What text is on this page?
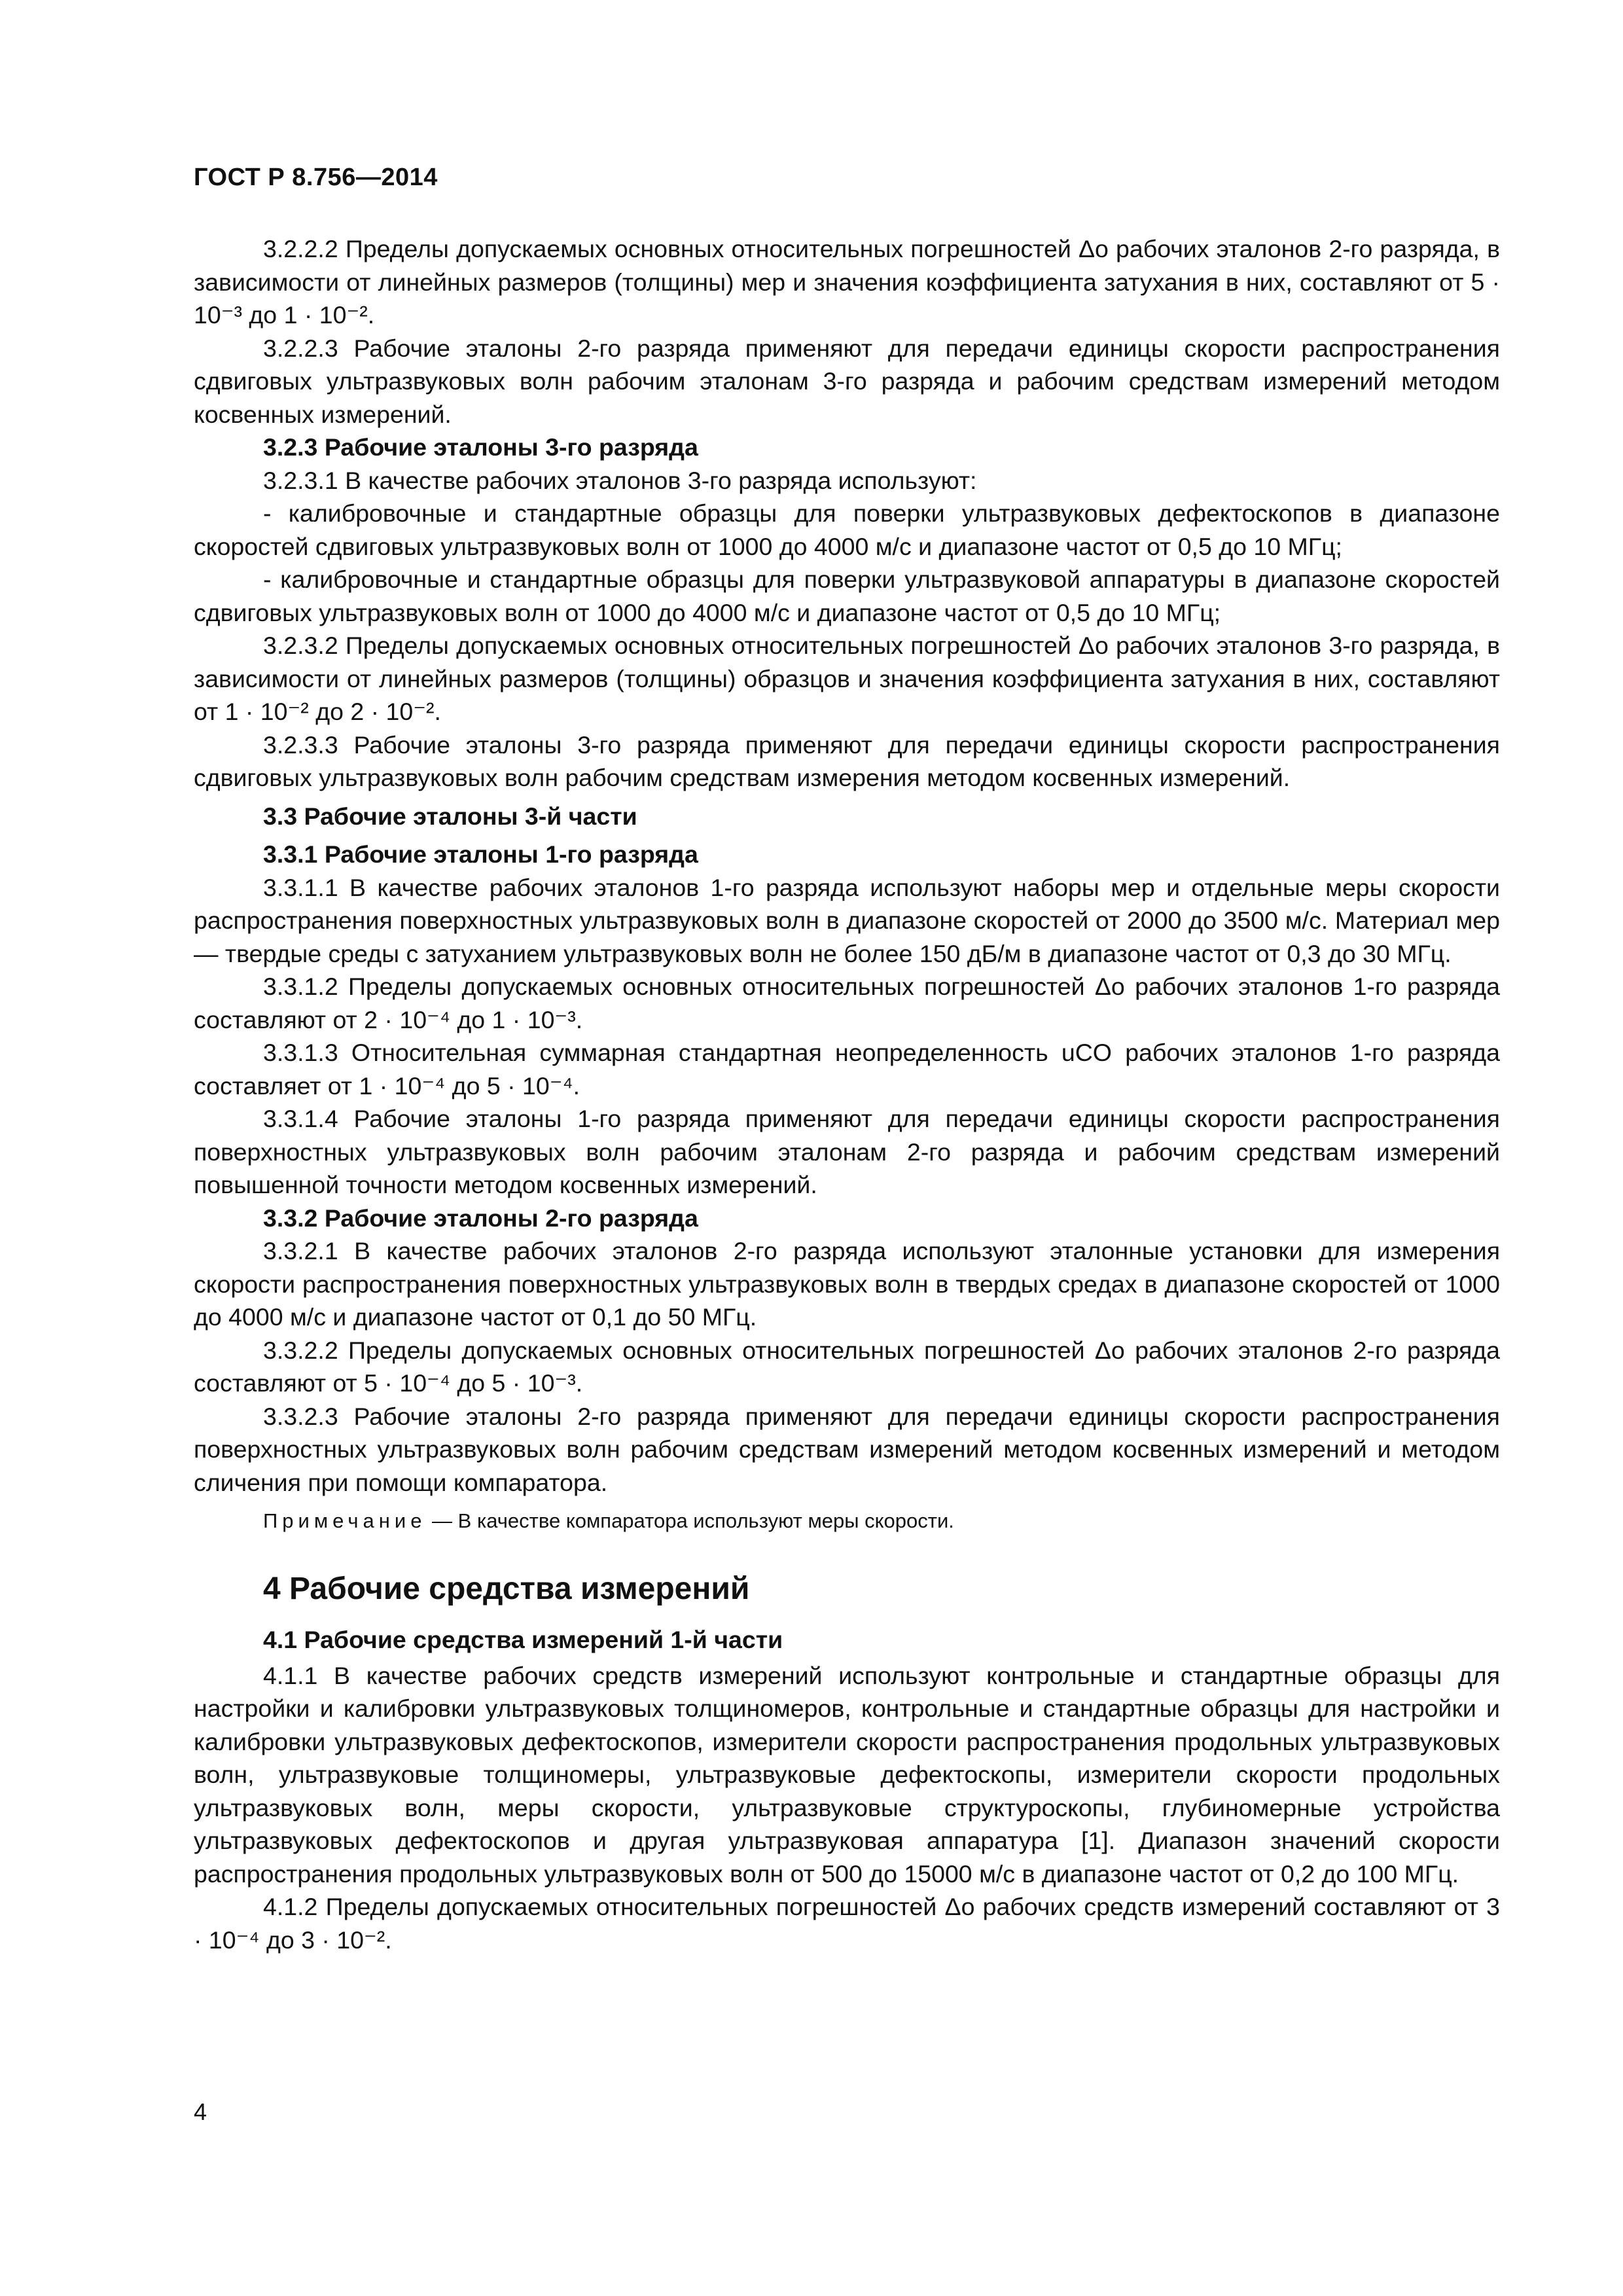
ГОСТ Р 8.756—2014

3.2.2.2 Пределы допускаемых основных относительных погрешностей Δо рабочих эталонов 2-го разряда, в зависимости от линейных размеров (толщины) мер и значения коэффициента затухания в них, составляют от 5 · 10⁻³ до 1 · 10⁻².

3.2.2.3 Рабочие эталоны 2-го разряда применяют для передачи единицы скорости распространения сдвиговых ультразвуковых волн рабочим эталонам 3-го разряда и рабочим средствам измерений методом косвенных измерений.

3.2.3 Рабочие эталоны 3-го разряда

3.2.3.1 В качестве рабочих эталонов 3-го разряда используют:

- калибровочные и стандартные образцы для поверки ультразвуковых дефектоскопов в диапазоне скоростей сдвиговых ультразвуковых волн от 1000 до 4000 м/с и диапазоне частот от 0,5 до 10 МГц;

- калибровочные и стандартные образцы для поверки ультразвуковой аппаратуры в диапазоне скоростей сдвиговых ультразвуковых волн от 1000 до 4000 м/с и диапазоне частот от 0,5 до 10 МГц;

3.2.3.2 Пределы допускаемых основных относительных погрешностей Δо рабочих эталонов 3-го разряда, в зависимости от линейных размеров (толщины) образцов и значения коэффициента затухания в них, составляют от 1 · 10⁻² до 2 · 10⁻².

3.2.3.3 Рабочие эталоны 3-го разряда применяют для передачи единицы скорости распространения сдвиговых ультразвуковых волн рабочим средствам измерения методом косвенных измерений.

3.3 Рабочие эталоны 3-й части

3.3.1 Рабочие эталоны 1-го разряда

3.3.1.1 В качестве рабочих эталонов 1-го разряда используют наборы мер и отдельные меры скорости распространения поверхностных ультразвуковых волн в диапазоне скоростей от 2000 до 3500 м/с. Материал мер — твердые среды с затуханием ультразвуковых волн не более 150 дБ/м в диапазоне частот от 0,3 до 30 МГц.

3.3.1.2 Пределы допускаемых основных относительных погрешностей Δо рабочих эталонов 1-го разряда составляют от 2 · 10⁻⁴ до 1 · 10⁻³.

3.3.1.3 Относительная суммарная стандартная неопределенность uCO рабочих эталонов 1-го разряда составляет от 1 · 10⁻⁴ до 5 · 10⁻⁴.

3.3.1.4 Рабочие эталоны 1-го разряда применяют для передачи единицы скорости распространения поверхностных ультразвуковых волн рабочим эталонам 2-го разряда и рабочим средствам измерений повышенной точности методом косвенных измерений.

3.3.2 Рабочие эталоны 2-го разряда

3.3.2.1 В качестве рабочих эталонов 2-го разряда используют эталонные установки для измерения скорости распространения поверхностных ультразвуковых волн в твердых средах в диапазоне скоростей от 1000 до 4000 м/с и диапазоне частот от 0,1 до 50 МГц.

3.3.2.2 Пределы допускаемых основных относительных погрешностей Δо рабочих эталонов 2-го разряда составляют от 5 · 10⁻⁴ до 5 · 10⁻³.

3.3.2.3 Рабочие эталоны 2-го разряда применяют для передачи единицы скорости распространения поверхностных ультразвуковых волн рабочим средствам измерений методом косвенных измерений и методом сличения при помощи компаратора.

Примечание — В качестве компаратора используют меры скорости.

4 Рабочие средства измерений

4.1 Рабочие средства измерений 1-й части

4.1.1 В качестве рабочих средств измерений используют контрольные и стандартные образцы для настройки и калибровки ультразвуковых толщиномеров, контрольные и стандартные образцы для настройки и калибровки ультразвуковых дефектоскопов, измерители скорости распространения продольных ультразвуковых волн, ультразвуковые толщиномеры, ультразвуковые дефектоскопы, измерители скорости продольных ультразвуковых волн, меры скорости, ультразвуковые структуроскопы, глубиномерные устройства ультразвуковых дефектоскопов и другая ультразвуковая аппаратура [1]. Диапазон значений скорости распространения продольных ультразвуковых волн от 500 до 15000 м/с в диапазоне частот от 0,2 до 100 МГц.

4.1.2 Пределы допускаемых относительных погрешностей Δо рабочих средств измерений составляют от 3 · 10⁻⁴ до 3 · 10⁻².

4
